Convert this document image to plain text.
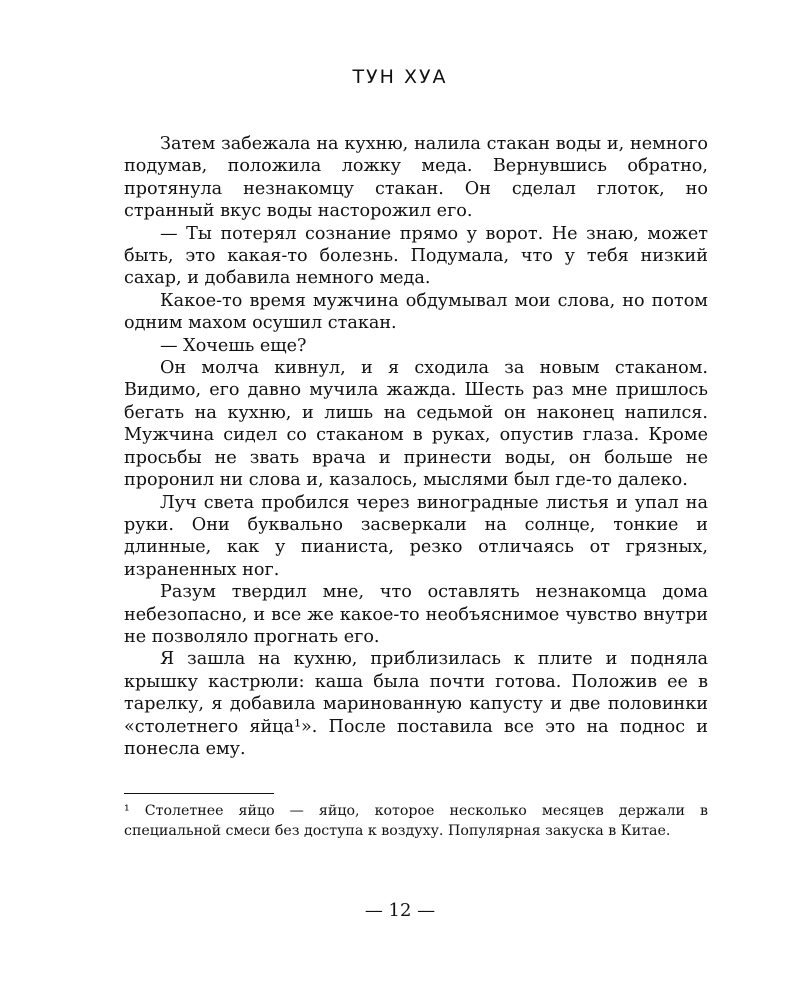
ТУН ХУА

Затем забежала на кухню, налила стакан воды и, немного подумав, положила ложку меда. Вернувшись обратно, протянула незнакомцу стакан. Он сделал глоток, но странный вкус воды насторожил его.

— Ты потерял сознание прямо у ворот. Не знаю, может быть, это какая-то болезнь. Подумала, что у тебя низкий сахар, и добавила немного меда.

Какое-то время мужчина обдумывал мои слова, но потом одним махом осушил стакан.

— Хочешь еще?

Он молча кивнул, и я сходила за новым стаканом. Видимо, его давно мучила жажда. Шесть раз мне пришлось бегать на кухню, и лишь на седьмой он наконец напился. Мужчина сидел со стаканом в руках, опустив глаза. Кроме просьбы не звать врача и принести воды, он больше не проронил ни слова и, казалось, мыслями был где-то далеко.

Луч света пробился через виноградные листья и упал на руки. Они буквально засверкали на солнце, тонкие и длинные, как у пианиста, резко отличаясь от грязных, израненных ног.

Разум твердил мне, что оставлять незнакомца дома небезопасно, и все же какое-то необъяснимое чувство внутри не позволяло прогнать его.

Я зашла на кухню, приблизилась к плите и подняла крышку кастрюли: каша была почти готова. Положив ее в тарелку, я добавила маринованную капусту и две половинки «столетнего яйца¹». После поставила все это на поднос и понесла ему.

¹ Столетнее яйцо — яйцо, которое несколько месяцев держали в специальной смеси без доступа к воздуху. Популярная закуска в Китае.

— 12 —
